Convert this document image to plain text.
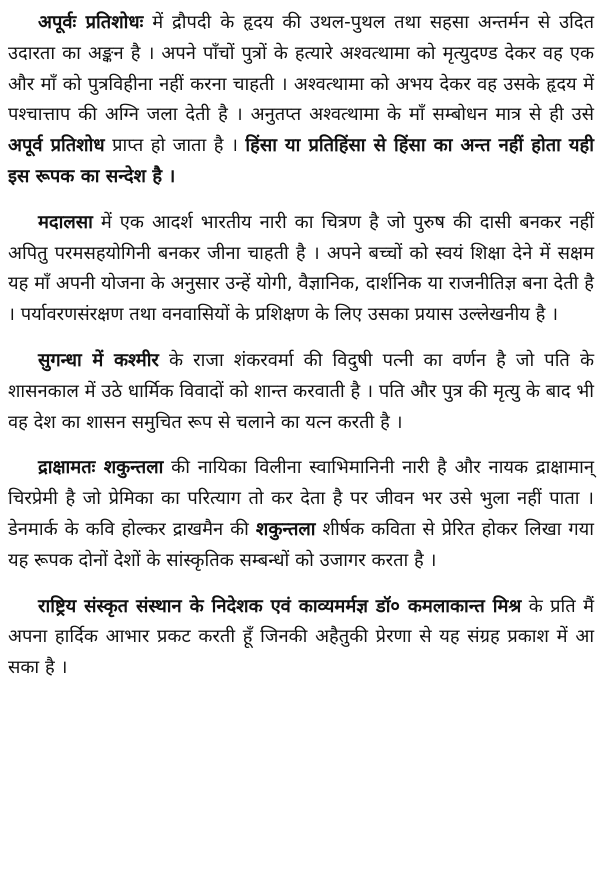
अपूर्वः प्रतिशोधः में द्रौपदी के हृदय की उथल-पुथल तथा सहसा अन्तर्मन से उदित उदारता का अङ्कन है । अपने पाँचों पुत्रों के हत्यारे अश्वत्थामा को मृत्युदण्ड देकर वह एक और माँ को पुत्रविहीना नहीं करना चाहती । अश्वत्थामा को अभय देकर वह उसके हृदय में पश्चात्ताप की अग्नि जला देती है । अनुतप्त अश्वत्थामा के माँ सम्बोधन मात्र से ही उसे अपूर्व प्रतिशोध प्राप्त हो जाता है । हिंसा या प्रतिहिंसा से हिंसा का अन्त नहीं होता यही इस रूपक का सन्देश है ।

मदालसा में एक आदर्श भारतीय नारी का चित्रण है जो पुरुष की दासी बनकर नहीं अपितु परमसहयोगिनी बनकर जीना चाहती है । अपने बच्चों को स्वयं शिक्षा देने में सक्षम यह माँ अपनी योजना के अनुसार उन्हें योगी, वैज्ञानिक, दार्शनिक या राजनीतिज्ञ बना देती है । पर्यावरणसंरक्षण तथा वनवासियों के प्रशिक्षण के लिए उसका प्रयास उल्लेखनीय है ।

सुगन्धा में कश्मीर के राजा शंकरवर्मा की विदुषी पत्नी का वर्णन है जो पति के शासनकाल में उठे धार्मिक विवादों को शान्त करवाती है । पति और पुत्र की मृत्यु के बाद भी वह देश का शासन समुचित रूप से चलाने का यत्न करती है ।

द्राक्षामतः शकुन्तला की नायिका विलीना स्वाभिमानिनी नारी है और नायक द्राक्षामान् चिरप्रेमी है जो प्रेमिका का परित्याग तो कर देता है पर जीवन भर उसे भुला नहीं पाता । डेनमार्क के कवि होल्कर द्राखमैन की शकुन्तला शीर्षक कविता से प्रेरित होकर लिखा गया यह रूपक दोनों देशों के सांस्कृतिक सम्बन्धों को उजागर करता है ।

राष्ट्रिय संस्कृत संस्थान के निदेशक एवं काव्यमर्मज्ञ डॉ० कमलाकान्त मिश्र के प्रति मैं अपना हार्दिक आभार प्रकट करती हूँ जिनकी अहैतुकी प्रेरणा से यह संग्रह प्रकाश में आ सका है ।
